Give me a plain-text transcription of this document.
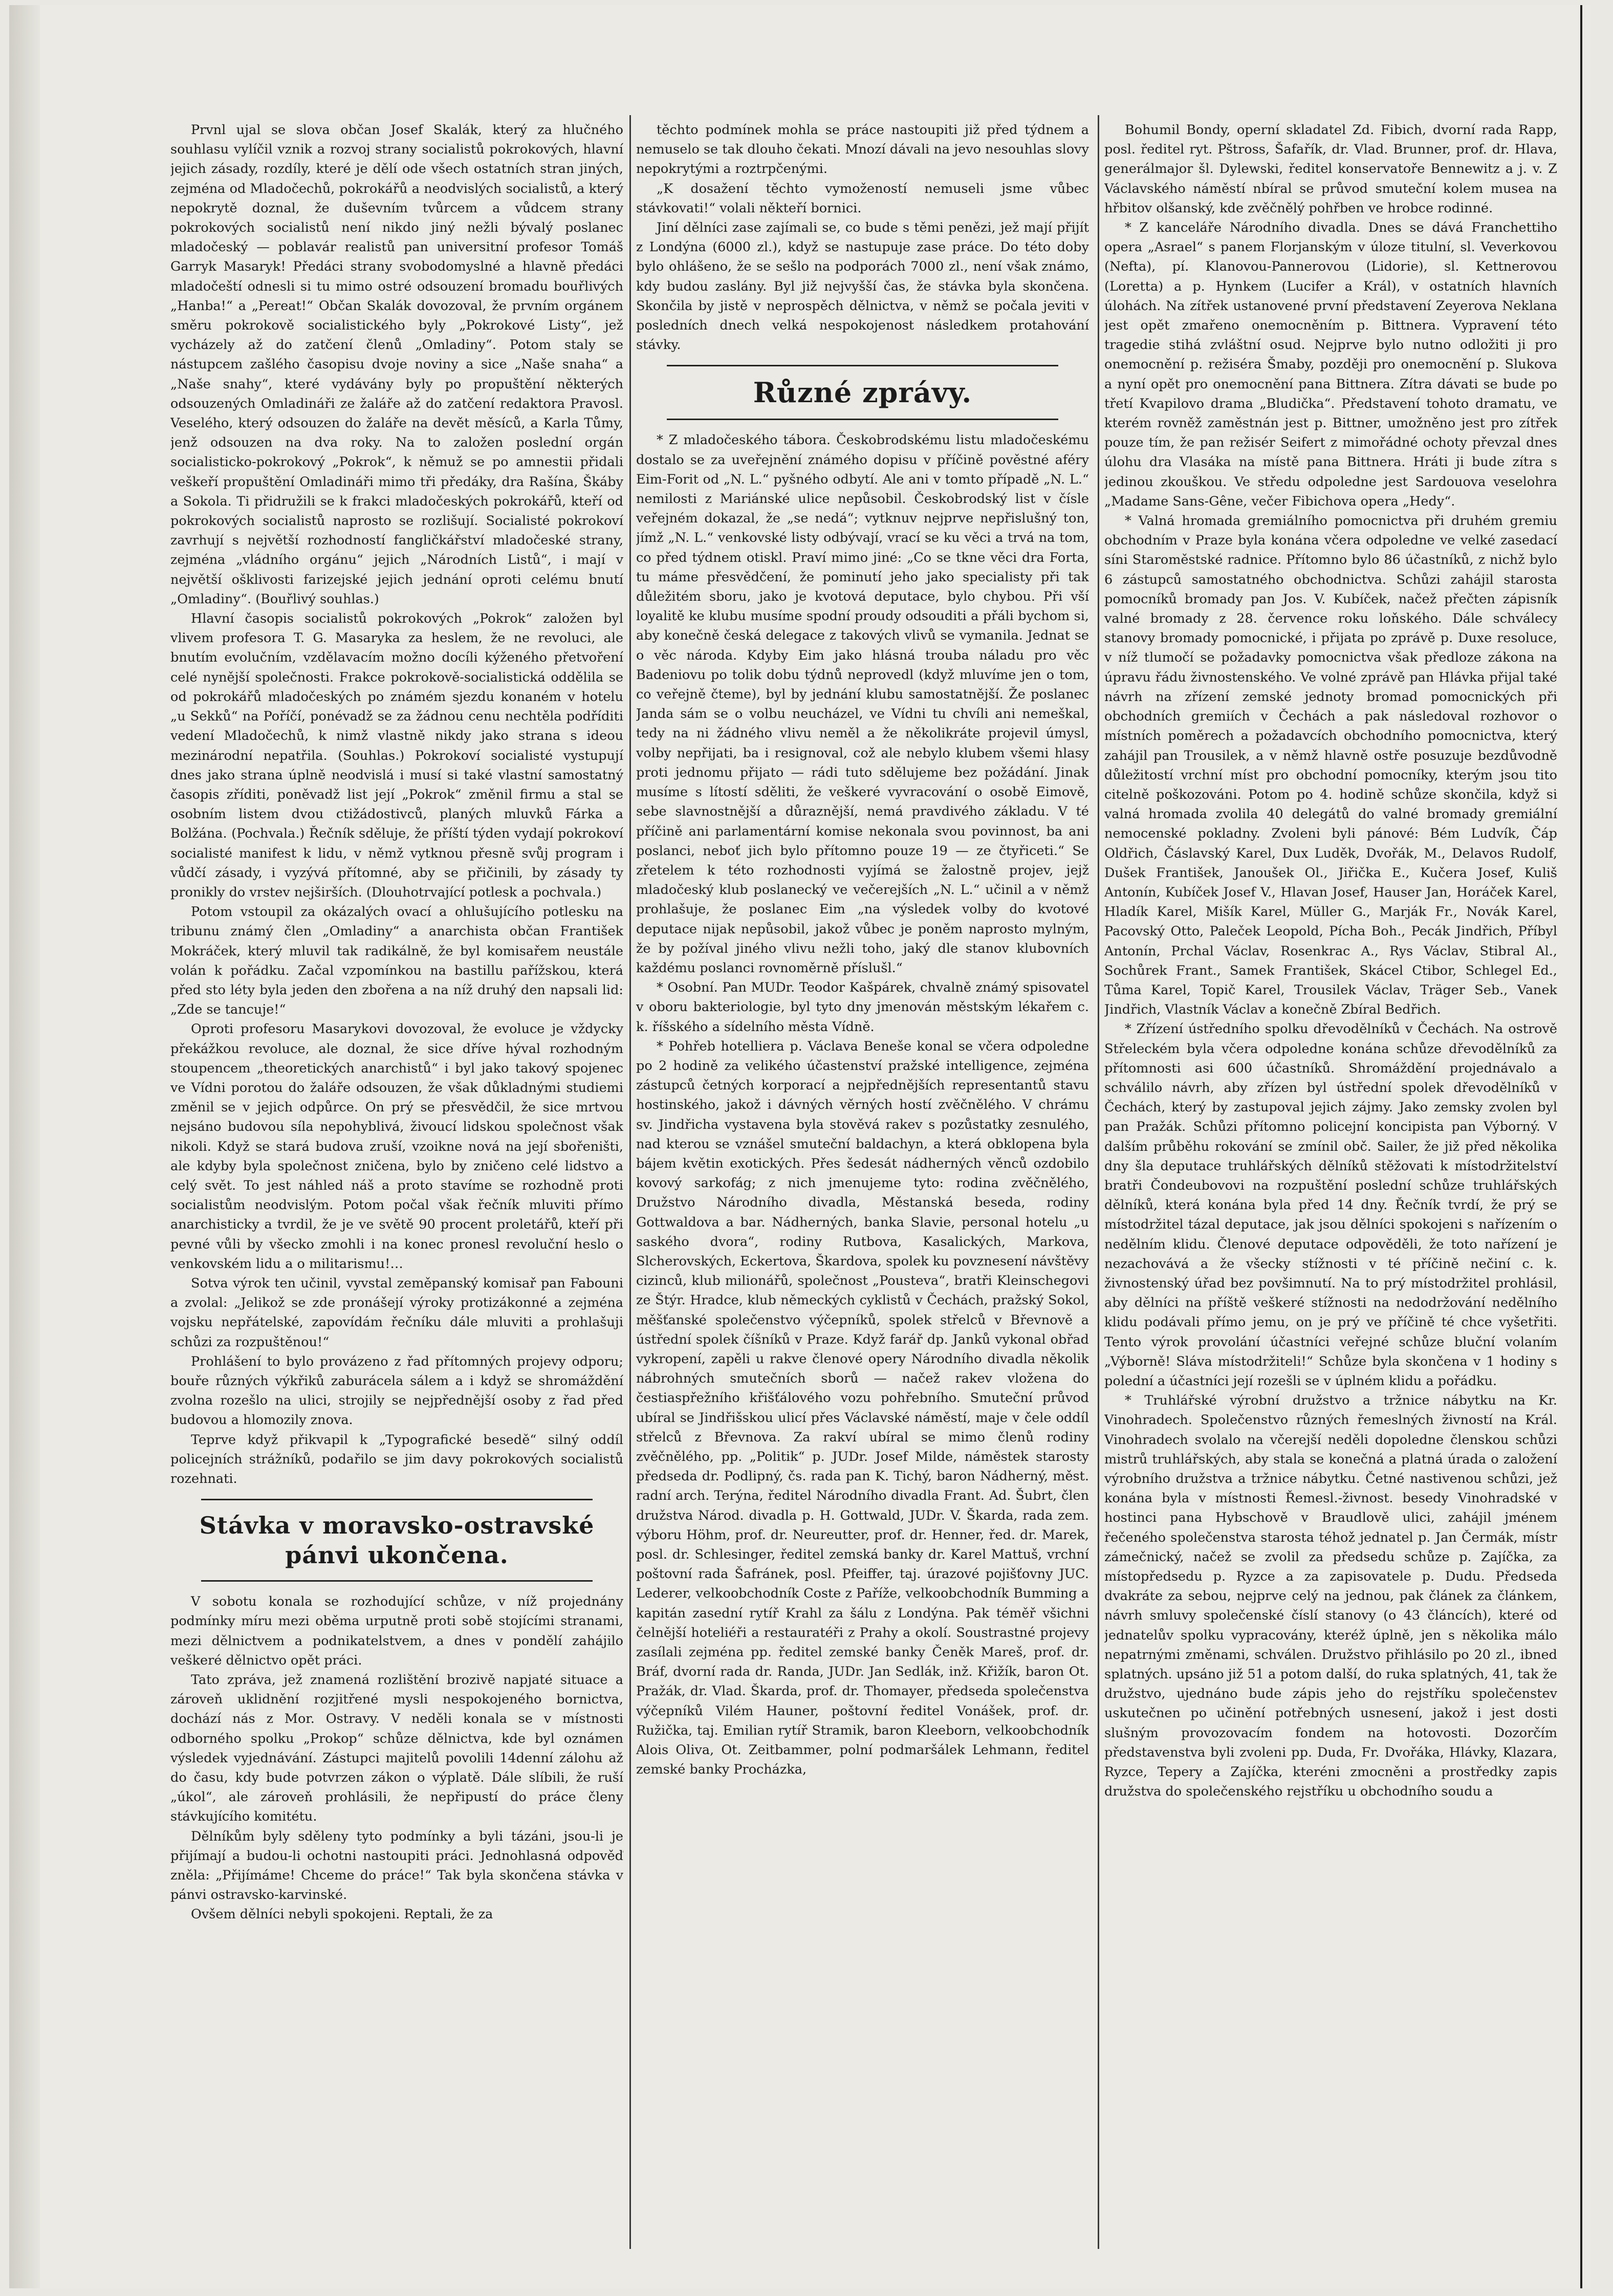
Prvnl ujal se slova občan Josef Skalák, který za hlučného souhlasu vylíčil vznik a rozvoj strany socialistů pokrokových, hlavní jejich zásady, rozdíly, které je dělí ode všech ostatních stran jiných, zejména od Mladočechů, pokrokářů a neodvislých socialistů, a který nepokrytě doznal, že duševním tvůrcem a vůdcem strany pokrokových socialistů není nikdo jiný nežli bývalý poslanec mladočeský — poblavár realistů pan universitní profesor Tomáš Garryk Masaryk! Předáci strany svobodomyslné a hlavně předáci mladočeští odnesli si tu mimo ostré odsouzení bromadu bouřlivých „Hanba!“ a „Pereat!“ Občan Skalák dovozoval, že prvním orgánem směru pokrokově socialistického byly „Pokrokové Listy“, jež vycházely až do zatčení členů „Omladiny“. Potom staly se nástupcem zašlého časopisu dvoje noviny a sice „Naše snaha“ a „Naše snahy“, které vydávány byly po propuštění některých odsouzených Omladináři ze žaláře až do zatčení redaktora Pravosl. Veselého, který odsouzen do žaláře na devět měsíců, a Karla Tůmy, jenž odsouzen na dva roky. Na to založen poslední orgán socialisticko-pokrokový „Pokrok“, k němuž se po amnestii přidali veškeří propuštění Omladináři mimo tři předáky, dra Rašína, Škáby a Sokola. Ti přidružili se k frakci mladočeských pokrokářů, kteří od pokrokových socialistů naprosto se rozlišují. Socialisté pokrokoví zavrhují s největší rozhodností fangličkářství mladočeské strany, zejména „vládního orgánu“ jejich „Národních Listů“, i mají v největší ošklivosti farizejské jejich jednání oproti celému bnutí „Omladiny“. (Bouřlivý souhlas.)

Hlavní časopis socialistů pokrokových „Pokrok“ založen byl vlivem profesora T. G. Masaryka za heslem, že ne revoluci, ale bnutím evolučním, vzdělavacím možno docíli kýženého přetvoření celé nynější společnosti. Frakce pokrokově-socialistická oddělila se od pokrokářů mladočeských po známém sjezdu konaném v hotelu „u Sekků“ na Poříčí, ponévadž se za žádnou cenu nechtěla podříditi vedení Mladočechů, k nimž vlastně nikdy jako strana s ideou mezinárodní nepatřila. (Souhlas.) Pokrokoví socialisté vystupují dnes jako strana úplně neodvislá i musí si také vlastní samostatný časopis zříditi, poněvadž list její „Pokrok“ změnil firmu a stal se osobním listem dvou ctižádostivců, planých mluvků Fárka a Bolžána. (Pochvala.) Řečník sděluje, že příští týden vydají pokrokoví socialisté manifest k lidu, v němž vytknou přesně svůj program i vůdčí zásady, i vyzývá přítomné, aby se přičinili, by zásady ty pronikly do vrstev nejširších. (Dlouhotrvající potlesk a pochvala.)

Potom vstoupil za okázalých ovací a ohlušujícího potlesku na tribunu známý člen „Omladiny“ a anarchista občan František Mokráček, který mluvil tak radikálně, že byl komisařem neustále volán k pořádku. Začal vzpomínkou na bastillu pařížskou, která před sto léty byla jeden den zbořena a na níž druhý den napsali lid: „Zde se tancuje!“

Oproti profesoru Masarykovi dovozoval, že evoluce je vždycky překážkou revoluce, ale doznal, že sice dříve hýval rozhodným stoupencem „theoretických anarchistů“ i byl jako takový spojenec ve Vídni porotou do žaláře odsouzen, že však důkladnými studiemi změnil se v jejich odpůrce. On prý se přesvědčil, že sice mrtvou nejsáno budovou síla nepohyblivá, živoucí lidskou společnost však nikoli. Když se stará budova zruší, vzoikne nová na její sbořeništi, ale kdyby byla společnost zničena, bylo by zničeno celé lidstvo a celý svět. To jest náhled náš a proto stavíme se rozhodně proti socialistům neodvislým. Potom počal však řečník mluviti přímo anarchisticky a tvrdil, že je ve světě 90 procent proletářů, kteří při pevné vůli by všecko zmohli i na konec pronesl revoluční heslo o venkovském lidu a o militarismu!…

Sotva výrok ten učinil, vyvstal zeměpanský komisař pan Fabouni a zvolal: „Jelikož se zde pronášejí výroky protizákonné a zejména vojsku nepřátelské, zapovídám řečníku dále mluviti a prohlašuji schůzi za rozpuštěnou!“

Prohlášení to bylo provázeno z řad přítomných projevy odporu; bouře různých výkřiků zaburácela sálem a i když se shromáždění zvolna rozešlo na ulici, strojily se nejpřednější osoby z řad před budovou a hlomozily znova.

Teprve když přikvapil k „Typografické besedě“ silný oddíl policejních strážníků, podařilo se jim davy pokrokových socialistů rozehnati.

Stávka v moravsko-ostravské pánvi ukončena.

V sobotu konala se rozhodující schůze, v níž projednány podmínky míru mezi oběma urputně proti sobě stojícími stranami, mezi dělnictvem a podnikatelstvem, a dnes v pondělí zahájilo veškeré dělnictvo opět práci.

Tato zpráva, jež znamená rozlištění brozivě napjaté situace a zároveň uklidnění rozjitřené mysli nespokojeného bornictva, dochází nás z Mor. Ostravy. V neděli konala se v místnosti odborného spolku „Prokop“ schůze dělnictva, kde byl oznámen výsledek vyjednávání. Zástupci majitelů povolili 14denní zálohu až do času, kdy bude potvrzen zákon o výplatě. Dále slíbili, že ruší „úkol“, ale zároveň prohlásili, že nepřipustí do práce členy stávkujícího komitétu.

Dělníkům byly sděleny tyto podmínky a byli tázáni, jsou-li je přijímají a budou-li ochotni nastoupiti práci. Jednohlasná odpověď zněla: „Přijímáme! Chceme do práce!“ Tak byla skončena stávka v pánvi ostravsko-karvinské.

Ovšem dělníci nebyli spokojeni. Reptali, že za

těchto podmínek mohla se práce nastoupiti již před týdnem a nemuselo se tak dlouho čekati. Mnozí dávali na jevo nesouhlas slovy nepokrytými a roztrpčenými.

„K dosažení těchto vymožeností nemuseli jsme vůbec stávkovati!“ volali někteří bornici.

Jiní dělníci zase zajímali se, co bude s těmi penězi, jež mají přijít z Londýna (6000 zl.), když se nastupuje zase práce. Do této doby bylo ohlášeno, že se sešlo na podporách 7000 zl., není však známo, kdy budou zaslány. Byl již nejvyšší čas, že stávka byla skončena. Skončila by jistě v neprospěch dělnictva, v němž se počala jeviti v posledních dnech velká nespokojenost následkem protahování stávky.

Různé zprávy.

* Z mladočeského tábora. Českobrodskému listu mladočeskému dostalo se za uveřejnění známého dopisu v příčině pověstné aféry Eim-Forit od „N. L.“ pyšného odbytí. Ale ani v tomto případě „N. L.“ nemilosti z Mariánské ulice nepůsobil. Českobrodský list v čísle veřejném dokazal, že „se nedá“; vytknuv nejprve nepřislušný ton, jímž „N. L.“ venkovské listy odbývají, vrací se ku věci a trvá na tom, co před týdnem otiskl. Praví mimo jiné: „Co se tkne věci dra Forta, tu máme přesvědčení, že pominutí jeho jako specialisty při tak důležitém sboru, jako je kvotová deputace, bylo chybou. Při vší loyalitě ke klubu musíme spodní proudy odsouditi a přáli bychom si, aby konečně česká delegace z takových vlivů se vymanila. Jednat se o věc národa. Kdyby Eim jako hlásná trouba náladu pro věc Badeniovu po tolik dobu týdnů neprovedl (když mluvíme jen o tom, co veřejně čteme), byl by jednání klubu samostatnější. Že poslanec Janda sám se o volbu neucházel, ve Vídni tu chvíli ani nemeškal, tedy na ni žádného vlivu neměl a že několikráte projevil úmysl, volby nepřijati, ba i resignoval, což ale nebylo klubem všemi hlasy proti jednomu přijato — rádi tuto sdělujeme bez požádání. Jinak musíme s lítostí sděliti, že veškeré vyvracování o osobě Eimově, sebe slavnostnější a důraznější, nemá pravdivého základu. V té příčině ani parlamentární komise nekonala svou povinnost, ba ani poslanci, neboť jich bylo přítomno pouze 19 — ze čtyřiceti.“ Se zřetelem k této rozhodnosti vyjímá se žalostně projev, jejž mladočeský klub poslanecký ve večerejších „N. L.“ učinil a v němž prohlašuje, že poslanec Eim „na výsledek volby do kvotové deputace nijak nepůsobil, jakož vůbec je poněm naprosto mylným, že by požíval jiného vlivu nežli toho, jaký dle stanov klubovních každému poslanci rovnoměrně příslušl.“

* Osobní. Pan MUDr. Teodor Kašpárek, chvalně známý spisovatel v oboru bakteriologie, byl tyto dny jmenován městským lékařem c. k. říšského a sídelního města Vídně.

* Pohřeb hotelliera p. Václava Beneše konal se včera odpoledne po 2 hodině za velikého účastenství pražské intelligence, zejména zástupců četných korporací a nejpřednějších representantů stavu hostinského, jakož i dávných věrných hostí zvěčnělého. V chrámu sv. Jindřicha vystavena byla stověvá rakev s pozůstatky zesnulého, nad kterou se vznášel smuteční baldachyn, a která obklopena byla bájem květin exotických. Přes šedesát nádherných věnců ozdobilo kovový sarkofág; z nich jmenujeme tyto: rodina zvěčnělého, Družstvo Národního divadla, Městanská beseda, rodiny Gottwaldova a bar. Nádherných, banka Slavie, personal hotelu „u saského dvora“, rodiny Rutbova, Kasalických, Markova, Slcherovských, Eckertova, Škardova, spolek ku povznesení návštěvy cizinců, klub milionářů, společnost „Pousteva“, bratři Kleinschegovi ze Štýr. Hradce, klub německých cyklistů v Čechách, pražský Sokol, měšťanské společenstvo výčepníků, spolek střelců v Břevnově a ústřední spolek číšníků v Praze. Když farář dp. Janků vykonal obřad vykropení, zapěli u rakve členové opery Národního divadla několik nábrohných smutečních sborů — načež rakev vložena do čestiaspřežního křišťálového vozu pohřebního. Smuteční průvod ubíral se Jindřišskou ulicí přes Václavské náměstí, maje v čele oddíl střelců z Břevnova. Za rakví ubíral se mimo členů rodiny zvěčnělého, pp. „Politik“ p. JUDr. Josef Milde, náměstek starosty předseda dr. Podlipný, čs. rada pan K. Tichý, baron Nádherný, měst. radní arch. Terýna, ředitel Národního divadla Frant. Ad. Šubrt, člen družstva Národ. divadla p. H. Gottwald, JUDr. V. Škarda, rada zem. výboru Höhm, prof. dr. Neureutter, prof. dr. Henner, řed. dr. Marek, posl. dr. Schlesinger, ředitel zemská banky dr. Karel Mattuš, vrchní poštovní rada Šafránek, posl. Pfeiffer, taj. úrazové pojišťovny JUC. Lederer, velkoobchodník Coste z Paříže, velkoobchodník Bumming a kapitán zasední rytíř Krahl za šálu z Londýna. Pak téměř všichni čelnější hoteliéři a restauratéři z Prahy a okolí. Soustrastné projevy zasílali zejména pp. ředitel zemské banky Čeněk Mareš, prof. dr. Bráf, dvorní rada dr. Randa, JUDr. Jan Sedlák, inž. Křižík, baron Ot. Pražák, dr. Vlad. Škarda, prof. dr. Thomayer, předseda společenstva výčepníků Vilém Hauner, poštovní ředitel Vonášek, prof. dr. Ružička, taj. Emilian rytíř Stramik, baron Kleeborn, velkoobchodník Alois Oliva, Ot. Zeitbammer, polní podmaršálek Lehmann, ředitel zemské banky Procházka,

Bohumil Bondy, operní skladatel Zd. Fibich, dvorní rada Rapp, posl. ředitel ryt. Pštross, Šafařík, dr. Vlad. Brunner, prof. dr. Hlava, generálmajor šl. Dylewski, ředitel konservatoře Bennewitz a j. v. Z Václavského náměstí nbíral se průvod smuteční kolem musea na hřbitov olšanský, kde zvěčnělý pohřben ve hrobce rodinné.

* Z kanceláře Národního divadla. Dnes se dává Franchettiho opera „Asrael“ s panem Florjanským v úloze titulní, sl. Veverkovou (Nefta), pí. Klanovou-Pannerovou (Lidorie), sl. Kettnerovou (Loretta) a p. Hynkem (Lucifer a Král), v ostatních hlavních úlohách. Na zítřek ustanovené první představení Zeyerova Neklana jest opět zmařeno onemocněním p. Bittnera. Vypravení této tragedie stihá zvláštní osud. Nejprve bylo nutno odložiti ji pro onemocnění p. režiséra Šmaby, později pro onemocnění p. Slukova a nyní opět pro onemocnění pana Bittnera. Zítra dávati se bude po třetí Kvapilovo drama „Bludička“. Představení tohoto dramatu, ve kterém rovněž zaměstnán jest p. Bittner, umožněno jest pro zítřek pouze tím, že pan režisér Seifert z mimořádné ochoty převzal dnes úlohu dra Vlasáka na místě pana Bittnera. Hráti ji bude zítra s jedinou zkouškou. Ve středu odpoledne jest Sardouova veselohra „Madame Sans-Gêne, večer Fibichova opera „Hedy“.

* Valná hromada gremiálního pomocnictva při druhém gremiu obchodním v Praze byla konána včera odpoledne ve velké zasedací síni Staroměstské radnice. Přítomno bylo 86 účastníků, z nichž bylo 6 zástupců samostatného obchodnictva. Schůzi zahájil starosta pomocníků bromady pan Jos. V. Kubíček, načež přečten zápisník valné bromady z 28. července roku loňského. Dále schválecy stanovy bromady pomocnické, i přijata po zprávě p. Duxe resoluce, v níž tlumočí se požadavky pomocnictva však předloze zákona na úpravu řádu živnostenského. Ve volné zprávě pan Hlávka přijal také návrh na zřízení zemské jednoty bromad pomocnických při obchodních gremiích v Čechách a pak následoval rozhovor o místních poměrech a požadavcích obchodního pomocnictva, který zahájil pan Trousilek, a v němž hlavně ostře posuzuje bezdůvodně důležitostí vrchní míst pro obchodní pomocníky, kterým jsou tito citelně poškozováni. Potom po 4. hodině schůze skončila, když si valná hromada zvolila 40 delegátů do valné bromady gremiální nemocenské pokladny. Zvoleni byli pánové: Bém Ludvík, Čáp Oldřich, Čáslavský Karel, Dux Luděk, Dvořák, M., Delavos Rudolf, Dušek František, Janoušek Ol., Jiřička E., Kučera Josef, Kuliš Antonín, Kubíček Josef V., Hlavan Josef, Hauser Jan, Horáček Karel, Hladík Karel, Mišík Karel, Müller G., Marják Fr., Novák Karel, Pacovský Otto, Paleček Leopold, Pícha Boh., Pecák Jindřich, Příbyl Antonín, Prchal Václav, Rosenkrac A., Rys Václav, Stibral Al., Sochůrek Frant., Samek František, Skácel Ctibor, Schlegel Ed., Tůma Karel, Topič Karel, Trousilek Václav, Träger Seb., Vanek Jindřich, Vlastník Václav a konečně Zbíral Bedřich.

* Zřízení ústředního spolku dřevodělníků v Čechách. Na ostrově Střeleckém byla včera odpoledne konána schůze dřevodělníků za přítomnosti asi 600 účastníků. Shromáždění projednávalo a schválilo návrh, aby zřízen byl ústřední spolek dřevodělníků v Čechách, který by zastupoval jejich zájmy. Jako zemsky zvolen byl pan Pražák. Schůzi přítomno policejní koncipista pan Výborný. V dalším průběhu rokování se zmínil obč. Sailer, že již před několika dny šla deputace truhlářských dělníků stěžovati k místodržitelství bratři Čondeubovovi na rozpuštění poslední schůze truhlářských dělníků, která konána byla před 14 dny. Řečník tvrdí, že prý se místodržitel tázal deputace, jak jsou dělníci spokojeni s nařízením o nedělním klidu. Členové deputace odpověděli, že toto nařízení je nezachovává a že všecky stížnosti v té příčině nečiní c. k. živnostenský úřad bez povšimnutí. Na to prý místodržitel prohlásil, aby dělníci na příště veškeré stížnosti na nedodržování nedělního klidu podávali přímo jemu, on je prý ve příčině té chce vyšetřiti. Tento výrok provolání účastníci veřejné schůze bluční volaním „Výborně! Sláva místodržiteli!“ Schůze byla skončena v 1 hodiny s polední a účastníci její rozešli se v úplném klidu a pořádku.

* Truhlářské výrobní družstvo a tržnice nábytku na Kr. Vinohradech. Společenstvo různých řemeslných živností na Král. Vinohradech svolalo na včerejší neděli dopoledne členskou schůzi mistrů truhlářských, aby stala se konečná a platná úrada o založení výrobního družstva a tržnice nábytku. Četné nastivenou schůzi, jež konána byla v místnosti Řemesl.-živnost. besedy Vinohradské v hostinci pana Hybschově v Braudlově ulici, zahájil jménem řečeného společenstva starosta téhož jednatel p. Jan Čermák, místr zámečnický, načež se zvolil za předsedu schůze p. Zajíčka, za místopředsedu p. Ryzce a za zapisovatele p. Dudu. Předseda dvakráte za sebou, nejprve celý na jednou, pak článek za článkem, návrh smluvy společenské číslí stanovy (o 43 článcích), které od jednatelův spolku vypracovány, kteréž úplně, jen s několika málo nepatrnými změnami, schválen. Družstvo přihlásilo po 20 zl., ibned splatných. upsáno již 51 a potom další, do ruka splatných, 41, tak že družstvo, ujednáno bude zápis jeho do rejstříku společenstev uskutečnen po učinění potřebných usnesení, jakož i jest dosti slušným provozovacím fondem na hotovosti. Dozorčím představenstva byli zvoleni pp. Duda, Fr. Dvořáka, Hlávky, Klazara, Ryzce, Tepery a Zajíčka, kteréni zmocněni a prostředky zapis družstva do společenského rejstříku u obchodního soudu a
